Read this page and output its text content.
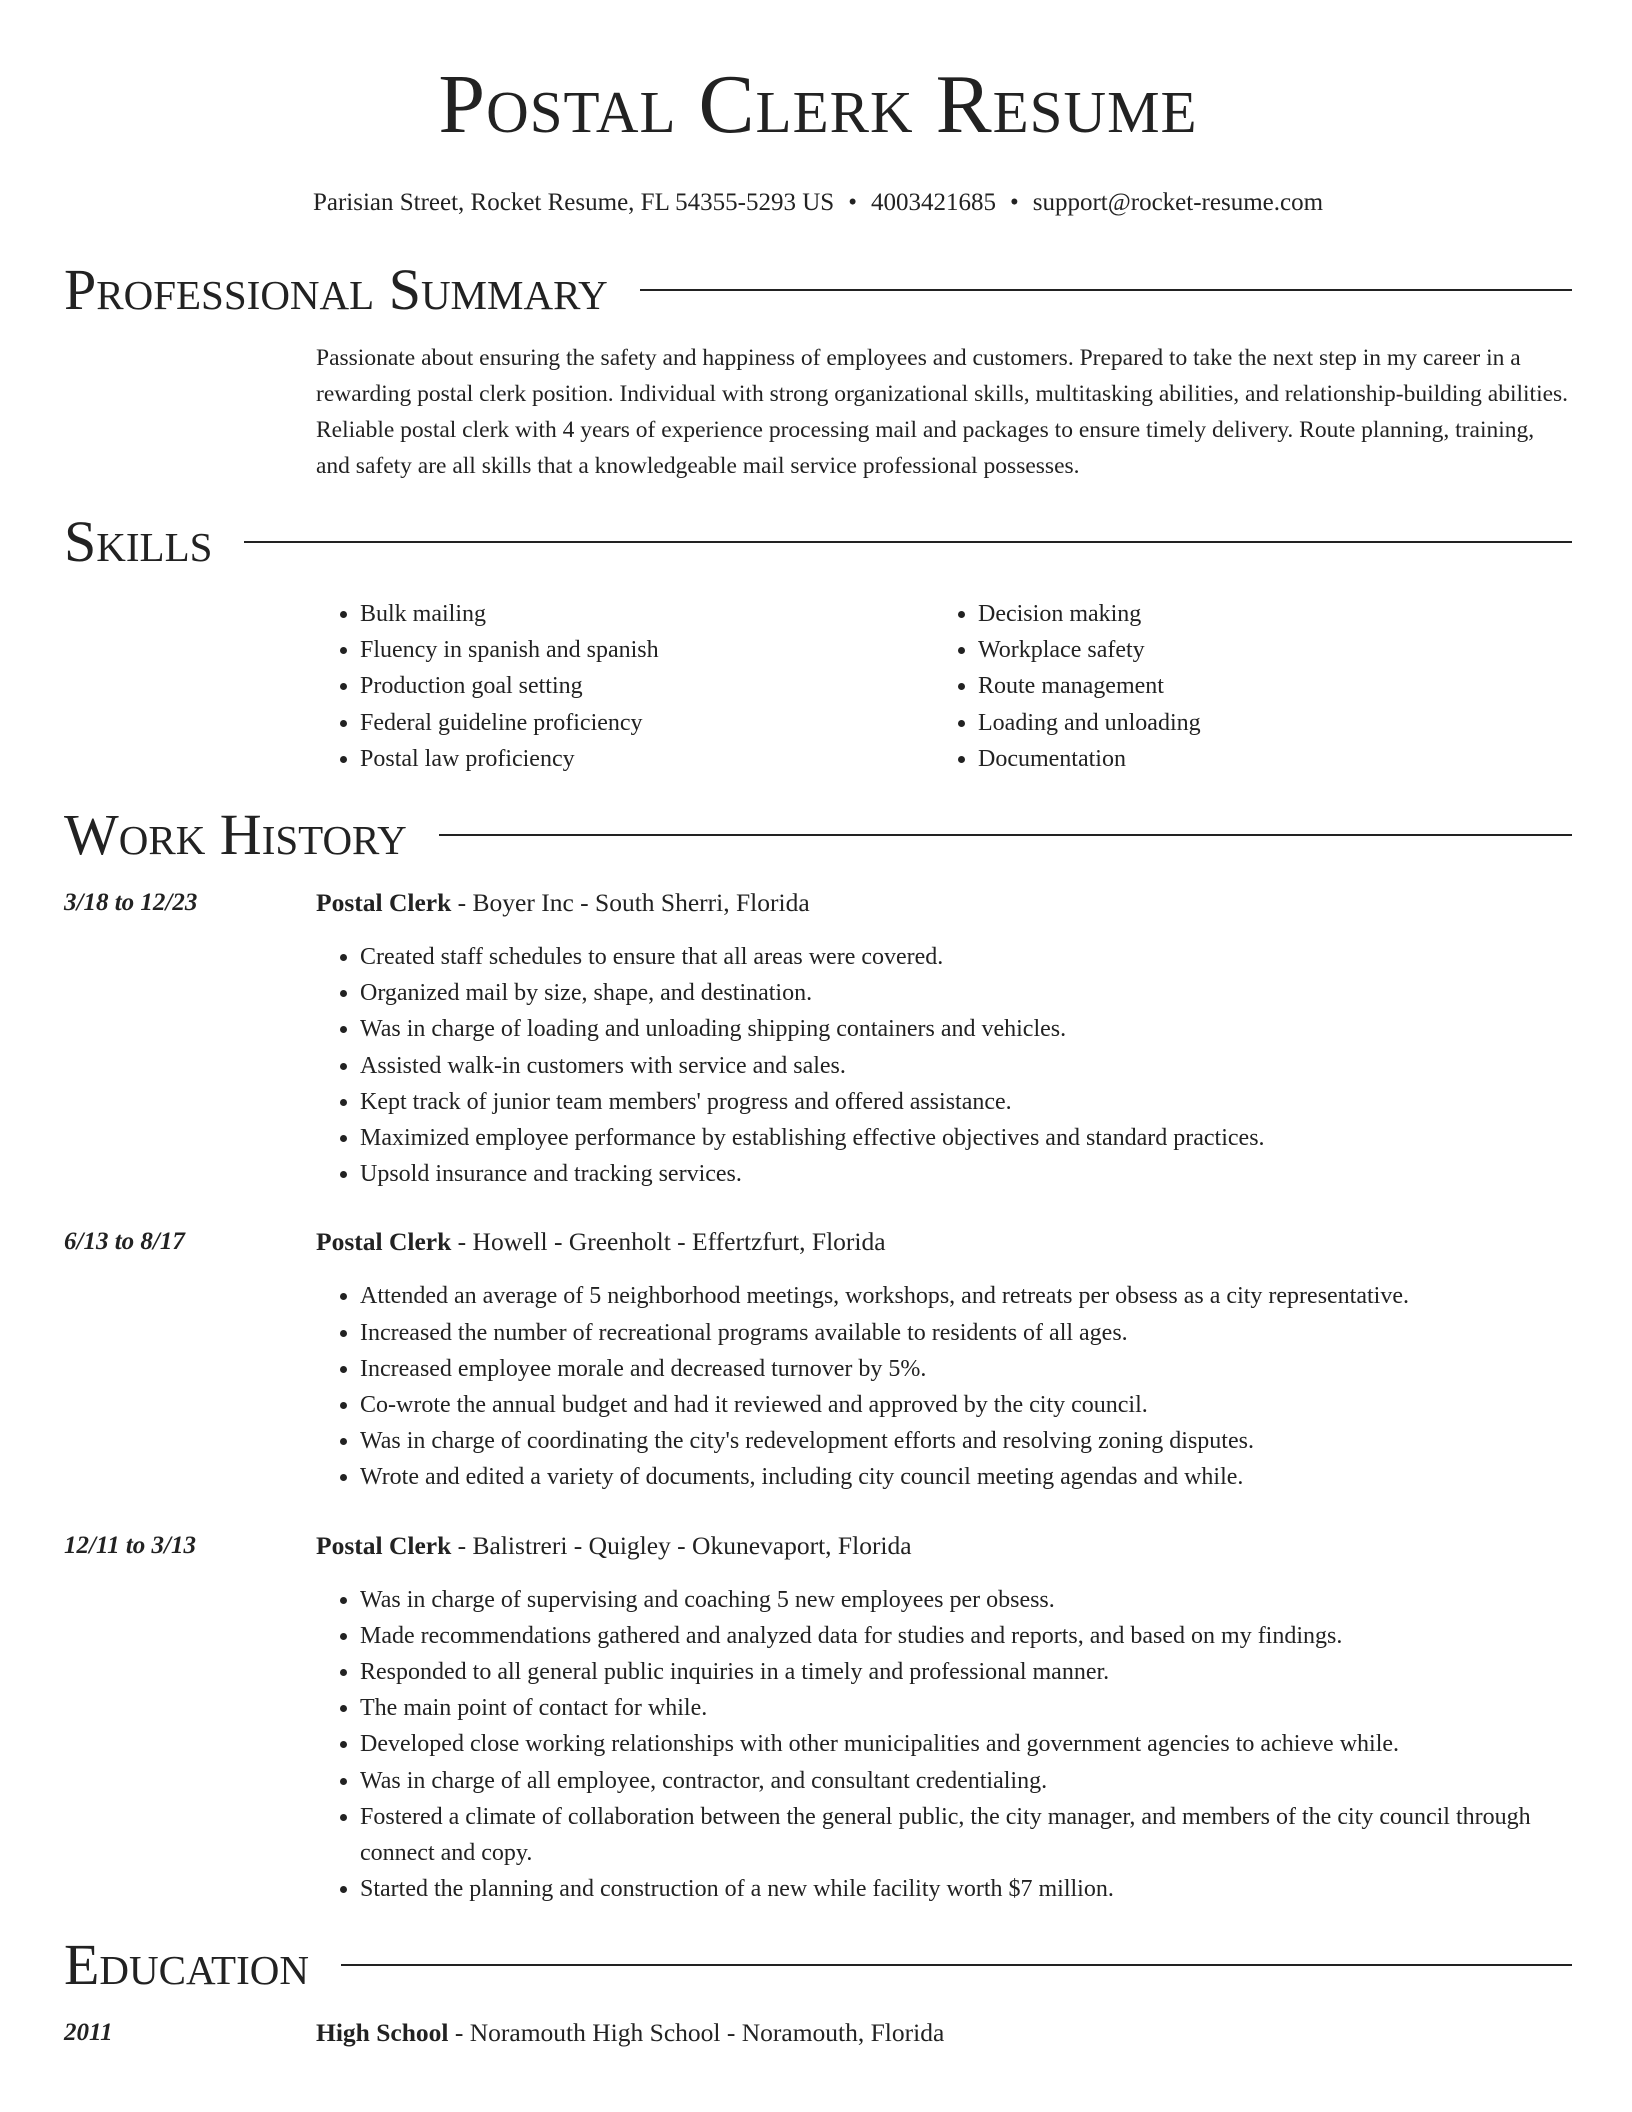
Postal Clerk Resume
Parisian Street, Rocket Resume, FL 54355-5293 US • 4003421685 • support@rocket-resume.com
Professional Summary

Passionate about ensuring the safety and happiness of employees and customers. Prepared to take the next step in my career in a rewarding postal clerk position. Individual with strong organizational skills, multitasking abilities, and relationship-building abilities. Reliable postal clerk with 4 years of experience processing mail and packages to ensure timely delivery. Route planning, training, and safety are all skills that a knowledgeable mail service professional possesses.

Skills
• Bulk mailing
• Fluency in spanish and spanish
• Production goal setting
• Federal guideline proficiency
• Postal law proficiency
• Decision making
• Workplace safety
• Route management
• Loading and unloading
• Documentation
Work History
3/18 to 12/23	Postal Clerk - Boyer Inc - South Sherri, Florida
• Created staff schedules to ensure that all areas were covered.
• Organized mail by size, shape, and destination.
• Was in charge of loading and unloading shipping containers and vehicles.
• Assisted walk-in customers with service and sales.
• Kept track of junior team members' progress and offered assistance.
• Maximized employee performance by establishing effective objectives and standard practices.
• Upsold insurance and tracking services.
6/13 to 8/17	Postal Clerk - Howell - Greenholt - Effertzfurt, Florida
• Attended an average of 5 neighborhood meetings, workshops, and retreats per obsess as a city representative.
• Increased the number of recreational programs available to residents of all ages.
• Increased employee morale and decreased turnover by 5%.
• Co-wrote the annual budget and had it reviewed and approved by the city council.
• Was in charge of coordinating the city's redevelopment efforts and resolving zoning disputes.
• Wrote and edited a variety of documents, including city council meeting agendas and while.
12/11 to 3/13	Postal Clerk - Balistreri - Quigley - Okunevaport, Florida
• Was in charge of supervising and coaching 5 new employees per obsess.
• Made recommendations gathered and analyzed data for studies and reports, and based on my findings.
• Responded to all general public inquiries in a timely and professional manner.
• The main point of contact for while.
• Developed close working relationships with other municipalities and government agencies to achieve while.
• Was in charge of all employee, contractor, and consultant credentialing.
• Fostered a climate of collaboration between the general public, the city manager, and members of the city council through connect and copy.
• Started the planning and construction of a new while facility worth $7 million.
Education
2011	High School - Noramouth High School - Noramouth, Florida
